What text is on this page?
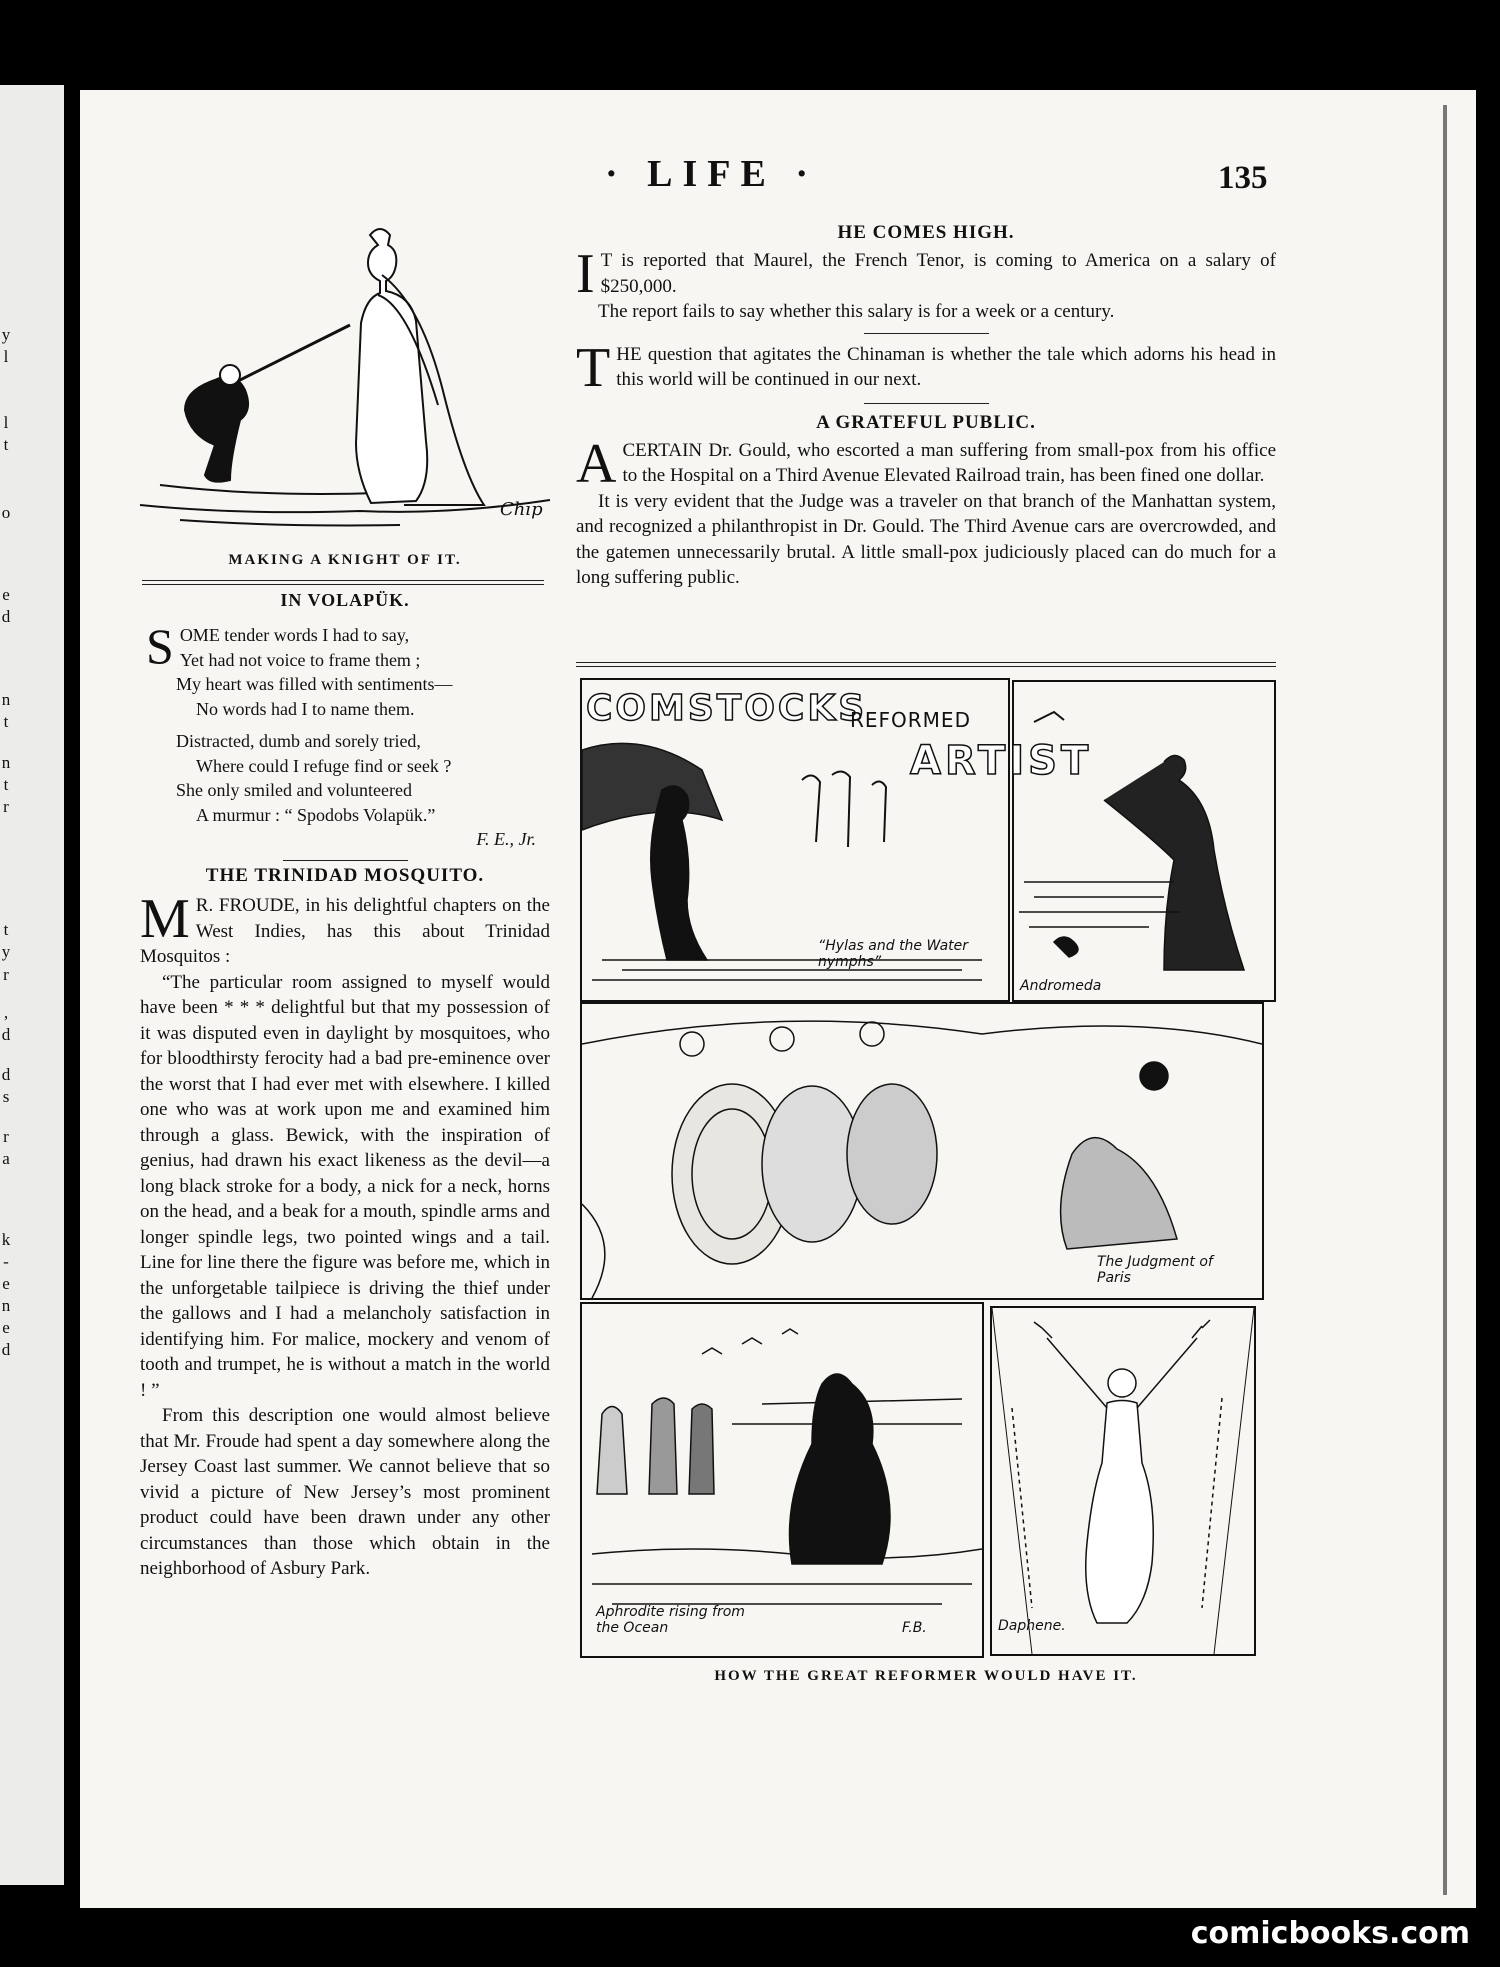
y
l
l
t
o
e
d
n
t
n
t
r
t
y
r
,
d
d
s
r
a
k
-
e
n
e
d
· LIFE ·	135
Chip
MAKING A KNIGHT OF IT.
IN VOLAPÜK.
S OME tender words I had to say,
Yet had not voice to frame them ;
My heart was filled with sentiments—
No words had I to name them.
Distracted, dumb and sorely tried,
Where could I refuge find or seek ?
She only smiled and volunteered
A murmur : “ Spodobs Volapük.”
F. E., Jr.
THE TRINIDAD MOSQUITO.

M R. FROUDE, in his delightful chapters on the West Indies, has this about Trinidad Mosquitos :

“The particular room assigned to myself would have been * * * delightful but that my possession of it was disputed even in daylight by mosquitoes, who for bloodthirsty ferocity had a bad pre-eminence over the worst that I had ever met with elsewhere. I killed one who was at work upon me and examined him through a glass. Bewick, with the inspiration of genius, had drawn his exact likeness as the devil—a long black stroke for a body, a nick for a neck, horns on the head, and a beak for a mouth, spindle arms and longer spindle legs, two pointed wings and a tail. Line for line there the figure was before me, which in the unforgetable tailpiece is driving the thief under the gallows and I had a melancholy satisfaction in identifying him. For malice, mockery and venom of tooth and trumpet, he is without a match in the world ! ”

From this description one would almost believe that Mr. Froude had spent a day somewhere along the Jersey Coast last summer. We cannot believe that so vivid a picture of New Jersey’s most prominent product could have been drawn under any other circumstances than those which obtain in the neighborhood of Asbury Park.

HE COMES HIGH.

I T is reported that Maurel, the French Tenor, is coming to America on a salary of $250,000.

The report fails to say whether this salary is for a week or a century.

THE question that agitates the Chinaman is whether the tale which adorns his head in this world will be continued in our next.

A GRATEFUL PUBLIC.

ACERTAIN Dr. Gould, who escorted a man suffering from small-pox from his office to the Hospital on a Third Avenue Elevated Railroad train, has been fined one dollar.

It is very evident that the Judge was a traveler on that branch of the Manhattan system, and recognized a philanthropist in Dr. Gould. The Third Avenue cars are overcrowded, and the gatemen unnecessarily brutal. A little small-pox judiciously placed can do much for a long suffering public.

COMSTOCKS
REFORMED
“Hylas and the Water nymphs”
ARTIST
Andromeda
The Judgment of Paris
Aphrodite rising from the Ocean	F.B.	Daphene.
HOW THE GREAT REFORMER WOULD HAVE IT.
comicbooks.com
